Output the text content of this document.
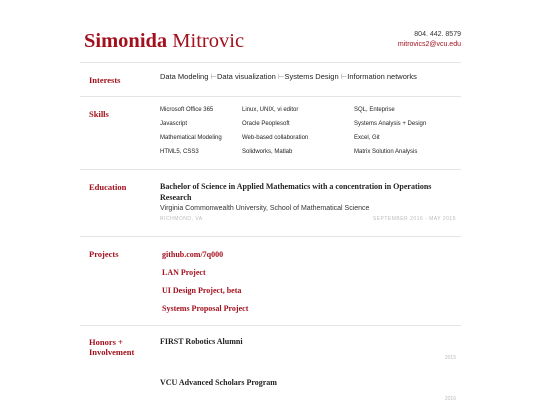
Simonida Mitrovic	804. 442. 8579
mitrovics2@vcu.edu
Interests	Data Modeling ⊢Data visualization ⊢Systems Design ⊢Information networks
Skills	Microsoft Office 365	Linux, UNIX, vi editor	SQL, Enteprise
Javascript	Oracle Peoplesoft	Systems Analysis + Design
Mathematical Modeling	Web-based collaboration	Excel, Git
HTML5, CSS3	Solidworks, Matlab	Matrix Solution Analysis
Education	Bachelor of Science in Applied Mathematics with a concentration in Operations Research
Virginia Commonwealth University, School of Mathematical Science
RICHMOND, VA	SEPTEMBER 2016 - MAY 2015
Projects	github.com/7q000
LAN Project
UI Design Project, beta
Systems Proposal Project
Honors + Involvement
FIRST Robotics Alumni
2015
VCU Advanced Scholars Program
2016
